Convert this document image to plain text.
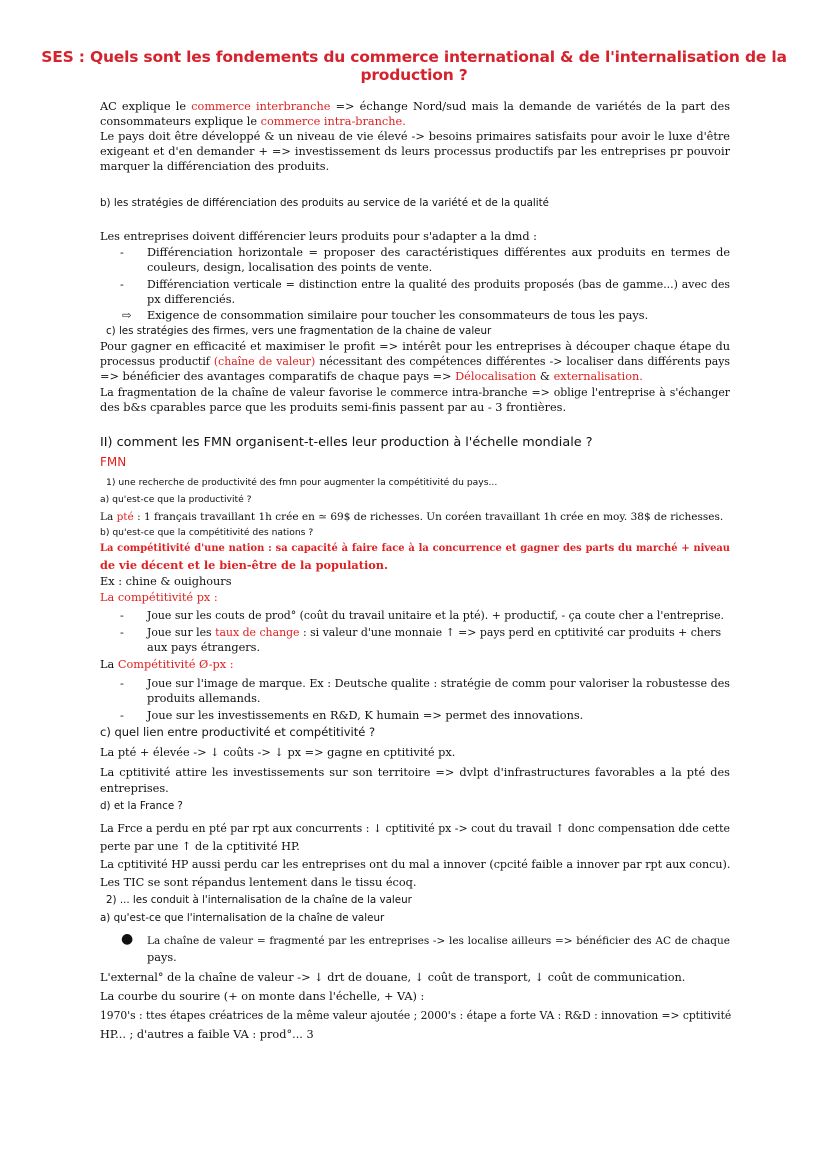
SES : Quels sont les fondements du commerce international & de l'internalisation de la production ?

AC explique le commerce interbranche => échange Nord/sud mais la demande de variétés de la part des

consommateurs explique le commerce intra-branche.

Le pays doit être développé & un niveau de vie élevé -> besoins primaires satisfaits pour avoir le luxe d'être

exigeant et d'en demander + => investissement ds leurs processus productifs par les entreprises pr pouvoir

marquer la différenciation des produits.

b) les stratégies de différenciation des produits au service de la variété et de la qualité

Les entreprises doivent différencier leurs produits pour s'adapter a la dmd :

- Différenciation horizontale = proposer des caractéristiques différentes aux produits en termes de

couleurs, design, localisation des points de vente.

- Différenciation verticale = distinction entre la qualité des produits proposés (bas de gamme...) avec des

px differenciés.

⇨ Exigence de consommation similaire pour toucher les consommateurs de tous les pays.

c) les stratégies des firmes, vers une fragmentation de la chaine de valeur

Pour gagner en efficacité et maximiser le profit => intérêt pour les entreprises à découper chaque étape du

processus productif (chaîne de valeur) nécessitant des compétences différentes -> localiser dans différents pays

=> bénéficier des avantages comparatifs de chaque pays => Délocalisation & externalisation.

La fragmentation de la chaîne de valeur favorise le commerce intra-branche => oblige l'entreprise à s'échanger

des b&s cparables parce que les produits semi-finis passent par au - 3 frontières.

II) comment les FMN organisent-t-elles leur production à l'échelle mondiale ?

FMN

1) une recherche de productivité des fmn pour augmenter la compétitivité du pays...

a) qu'est-ce que la productivité ?

La pté : 1 français travaillant 1h crée en ≃ 69$ de richesses. Un coréen travaillant 1h crée en moy. 38$ de richesses.

b) qu'est-ce que la compétitivité des nations ?

La compétitivité d'une nation : sa capacité à faire face à la concurrence et gagner des parts du marché + niveau

de vie décent et le bien-être de la population.

Ex : chine & ouighours

La compétitivité px :

- Joue sur les couts de prod° (coût du travail unitaire et la pté). + productif, - ça coute cher a l'entreprise.

- Joue sur les taux de change : si valeur d'une monnaie ↑ => pays perd en cptitivité car produits + chers

aux pays étrangers.

La Compétitivité Ø-px :

- Joue sur l'image de marque. Ex : Deutsche qualite : stratégie de comm pour valoriser la robustesse des

produits allemands.

- Joue sur les investissements en R&D, K humain => permet des innovations.

c) quel lien entre productivité et compétitivité ?

La pté + élevée -> ↓ coûts -> ↓ px => gagne en cptitivité px.

La cptitivité attire les investissements sur son territoire => dvlpt d'infrastructures favorables a la pté des

entreprises.

d) et la France ?

La Frce a perdu en pté par rpt aux concurrents : ↓ cptitivité px -> cout du travail ↑ donc compensation dde cette

perte par une ↑ de la cptitivité HP.

La cptitivité HP aussi perdu car les entreprises ont du mal a innover (cpcité faible a innover par rpt aux concu).

Les TIC se sont répandus lentement dans le tissu écoq.

2) ... les conduit à l'internalisation de la chaîne de la valeur

a) qu'est-ce que l'internalisation de la chaîne de valeur

● La chaîne de valeur = fragmenté par les entreprises -> les localise ailleurs => bénéficier des AC de chaque

pays.

L'external° de la chaîne de valeur -> ↓ drt de douane, ↓ coût de transport, ↓ coût de communication.

La courbe du sourire (+ on monte dans l'échelle, + VA) :

1970's : ttes étapes créatrices de la même valeur ajoutée ; 2000's : étape a forte VA : R&D : innovation => cptitivité

HP... ; d'autres a faible VA : prod°... 3
